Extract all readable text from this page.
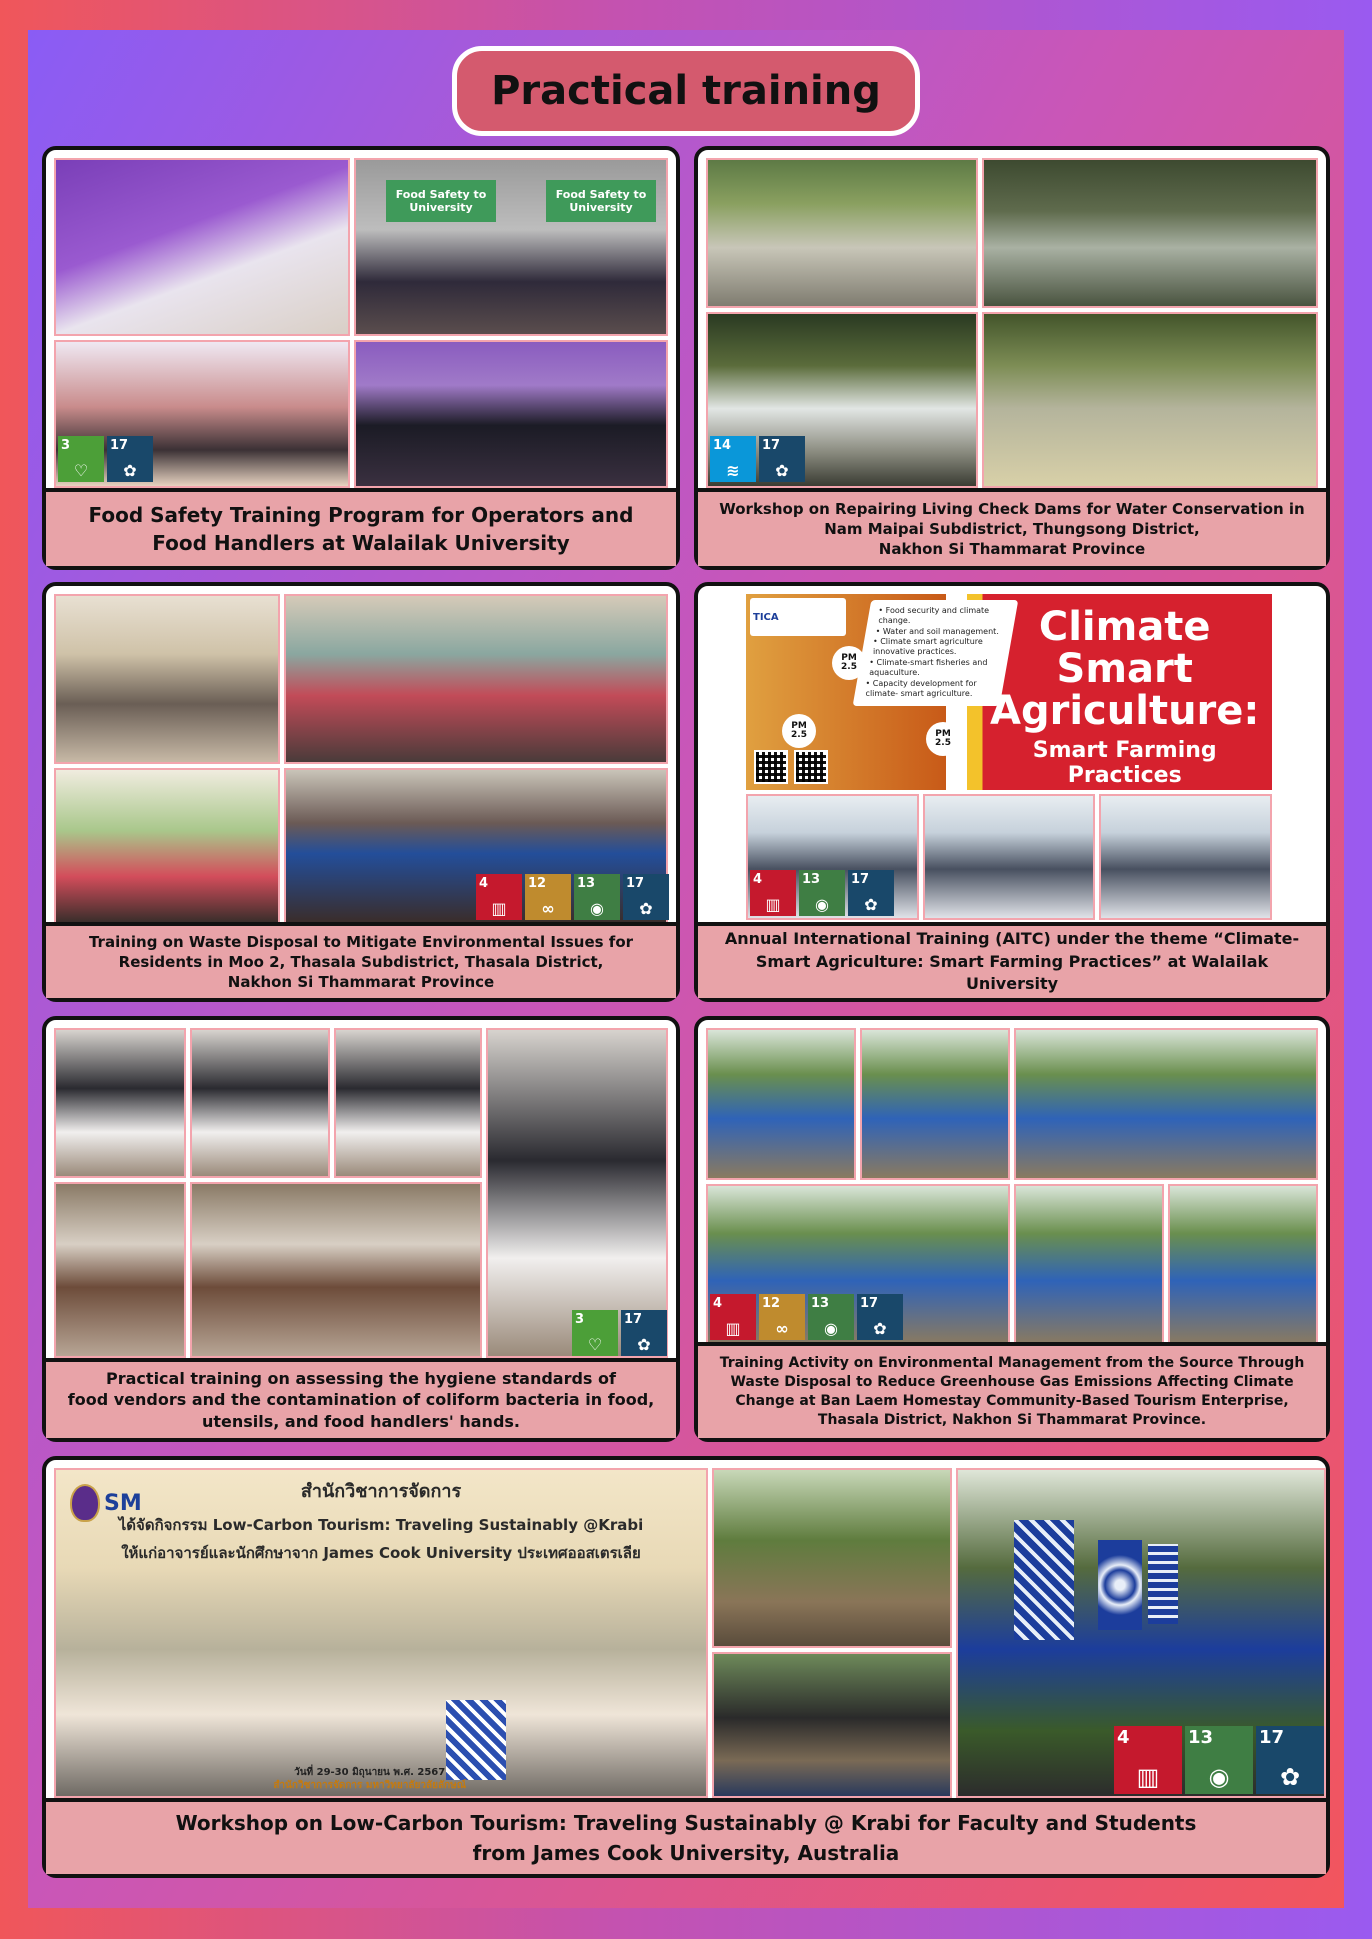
Practical training
Food Safety to University
Food Safety to University
3
♡
17
✿
Food Safety Training Program for Operators and
Food Handlers at Walailak University
14
≋
17
✿
Workshop on Repairing Living Check Dams for Water Conservation in
Nam Maipai Subdistrict, Thungsong District,
Nakhon Si Thammarat Province
4
▥
12
∞
13
◉
17
✿
Training on Waste Disposal to Mitigate Environmental Issues for
Residents in Moo 2, Thasala Subdistrict, Thasala District,
Nakhon Si Thammarat Province
TICA
• Food security and climate change.
• Water and soil management.
• Climate smart agriculture innovative practices.
• Climate-smart fisheries and aquaculture.
• Capacity development for climate- smart agriculture.
PM 2.5
PM 2.5
PM 2.5
Climate Smart Agriculture:
Smart Farming Practices
4
▥
13
◉
17
✿
Annual International Training (AITC) under the theme “Climate-
Smart Agriculture: Smart Farming Practices” at Walailak University
3
♡
17
✿
Practical training on assessing the hygiene standards of
food vendors and the contamination of coliform bacteria in food,
utensils, and food handlers' hands.
4
▥
12
∞
13
◉
17
✿
Training Activity on Environmental Management from the Source Through
Waste Disposal to Reduce Greenhouse Gas Emissions Affecting Climate
Change at Ban Laem Homestay Community-Based Tourism Enterprise,
Thasala District, Nakhon Si Thammarat Province.
SM	สำนักวิชาการจัดการ
ได้จัดกิจกรรม Low-Carbon Tourism: Traveling Sustainably @Krabi
ให้แก่อาจารย์และนักศึกษาจาก James Cook University ประเทศออสเตรเลีย
วันที่ 29-30 มิถุนายน พ.ศ. 2567
สำนักวิชาการจัดการ มหาวิทยาลัยวลัยลักษณ์
4
▥
13
◉
17
✿
Workshop on Low-Carbon Tourism: Traveling Sustainably @ Krabi for Faculty and Students
from James Cook University, Australia
